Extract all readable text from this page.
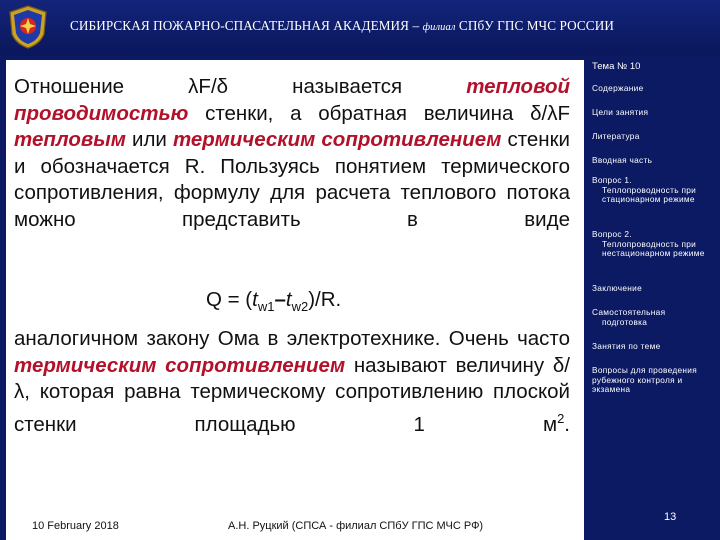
СИБИРСКАЯ ПОЖАРНО-СПАСАТЕЛЬНАЯ АКАДЕМИЯ – филиал СПбУ ГПС МЧС РОССИИ

Отношение λF/δ называется тепловой проводимостью стенки, а обратная величина δ/λF тепловым или термическим сопротивлением стенки и обозначается R. Пользуясь понятием термического сопротивления, формулу для расчета теплового потока можно представить в виде

$Q = (t_{w1}-t_{w2})/R$.

аналогичном закону Ома в электротехнике. Очень часто термическим сопротивлением называют величину δ/λ, которая равна термическому сопротивлению плоской стенки площадью 1 $м^2$.

Тема № 10
Содержание
Цели занятия
Литература
Вводная часть
Вопрос 1.
Теплопроводность при стационарном режиме
Вопрос 2.
Теплопроводность при нестационарном режиме
Заключение
Самостоятельная
подготовка
Занятия по теме
Вопросы для проведения рубежного контроля и экзамена
10 February 2018	А.Н. Руцкий (СПСА - филиал СПбУ ГПС МЧС РФ)
13
